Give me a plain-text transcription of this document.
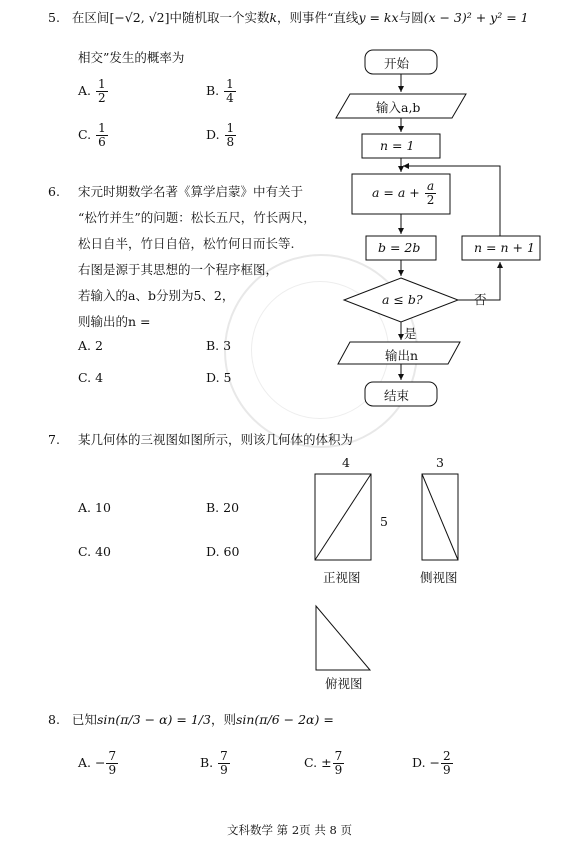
5. 在区间[−√2, √2]中随机取一个实数k，则事件“直线y = kx与圆(x − 3)² + y² = 1
相交”发生的概率为
A. $\frac{1}{2}$	B. $\frac{1}{4}$
C. $\frac{1}{6}$	D. $\frac{1}{8}$
6. 宋元时期数学名著《算学启蒙》中有关于
“松竹并生”的问题：松长五尺，竹长两尺，
松日自半，竹日自倍，松竹何日而长等.
右图是源于其思想的一个程序框图，
若输入的a、b分别为5、2，
则输出的n =
A. 2	B. 3
C. 4	D. 5
开始
输入a,b
n = 1
$a = a + \frac{a}{2}$
b = 2b	n = n + 1
a ≤ b?	否
是
输出n
结束
7. 某几何体的三视图如图所示，则该几何体的体积为
A. 10	B. 20
C. 40	D. 60
4
5
3
正视图	侧视图
俯视图
8. 已知sin(π/3 − α) = 1/3，则sin(π/6 − 2α) =
A. − $\frac{7}{9}$	B. $\frac{7}{9}$	C. ± $\frac{7}{9}$	D. − $\frac{2}{9}$
文科数学 第 2页 共 8 页
